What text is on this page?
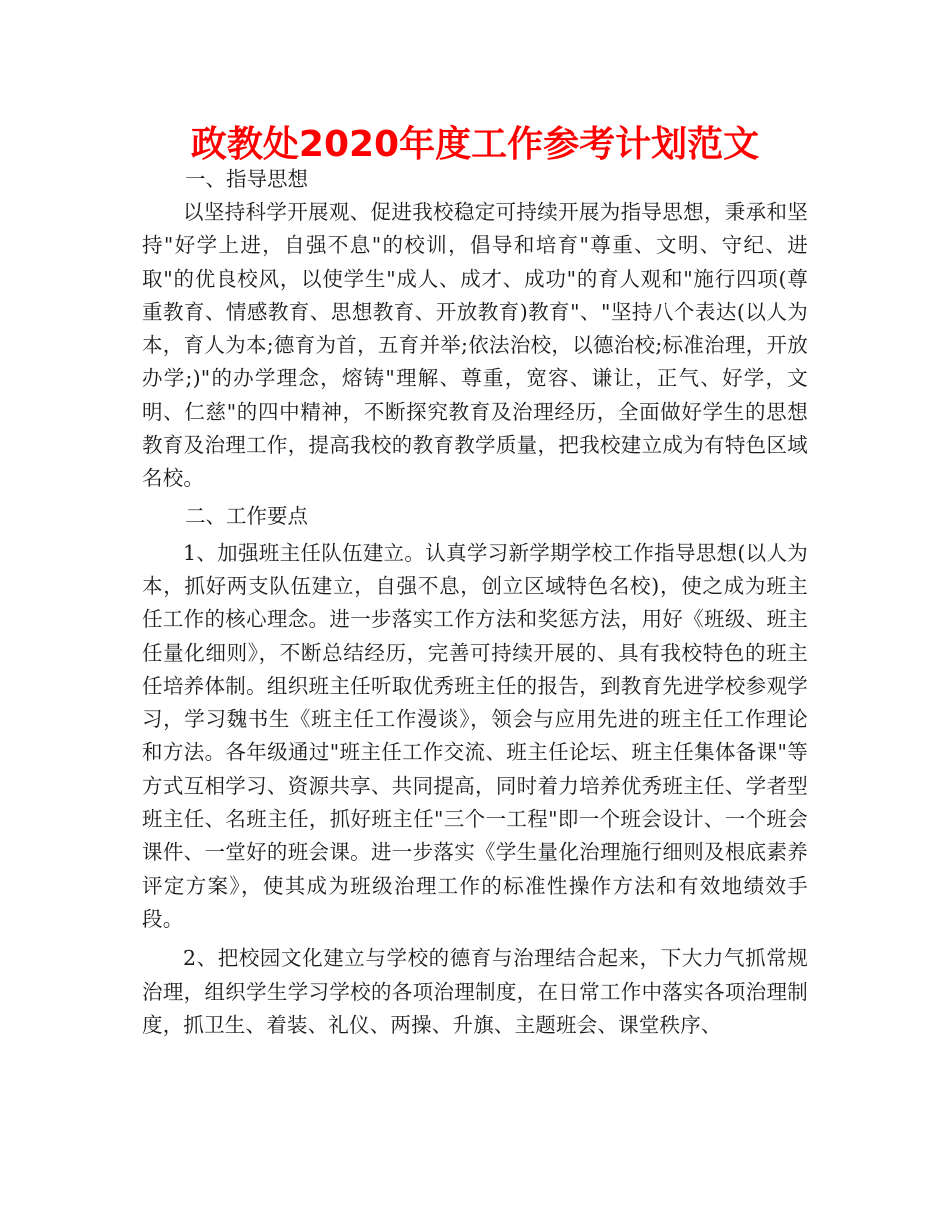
政教处2020年度工作参考计划范文

一、指导思想

以坚持科学开展观、促进我校稳定可持续开展为指导思想，秉承和坚持"好学上进，自强不息"的校训，倡导和培育"尊重、文明、守纪、进取"的优良校风，以使学生"成人、成才、成功"的育人观和"施行四项(尊重教育、情感教育、思想教育、开放教育)教育"、"坚持八个表达(以人为本，育人为本;德育为首，五育并举;依法治校，以德治校;标准治理，开放办学;)"的办学理念，熔铸"理解、尊重，宽容、谦让，正气、好学，文明、仁慈"的四中精神，不断探究教育及治理经历，全面做好学生的思想教育及治理工作，提高我校的教育教学质量，把我校建立成为有特色区域名校。

二、工作要点

1、加强班主任队伍建立。认真学习新学期学校工作指导思想(以人为本，抓好两支队伍建立，自强不息，创立区域特色名校)，使之成为班主任工作的核心理念。进一步落实工作方法和奖惩方法，用好《班级、班主任量化细则》，不断总结经历，完善可持续开展的、具有我校特色的班主任培养体制。组织班主任听取优秀班主任的报告，到教育先进学校参观学习，学习魏书生《班主任工作漫谈》，领会与应用先进的班主任工作理论和方法。各年级通过"班主任工作交流、班主任论坛、班主任集体备课"等方式互相学习、资源共享、共同提高，同时着力培养优秀班主任、学者型班主任、名班主任，抓好班主任"三个一工程"即一个班会设计、一个班会课件、一堂好的班会课。进一步落实《学生量化治理施行细则及根底素养评定方案》，使其成为班级治理工作的标准性操作方法和有效地绩效手段。

2、把校园文化建立与学校的德育与治理结合起来，下大力气抓常规治理，组织学生学习学校的各项治理制度，在日常工作中落实各项治理制度，抓卫生、着装、礼仪、两操、升旗、主题班会、课堂秩序、
